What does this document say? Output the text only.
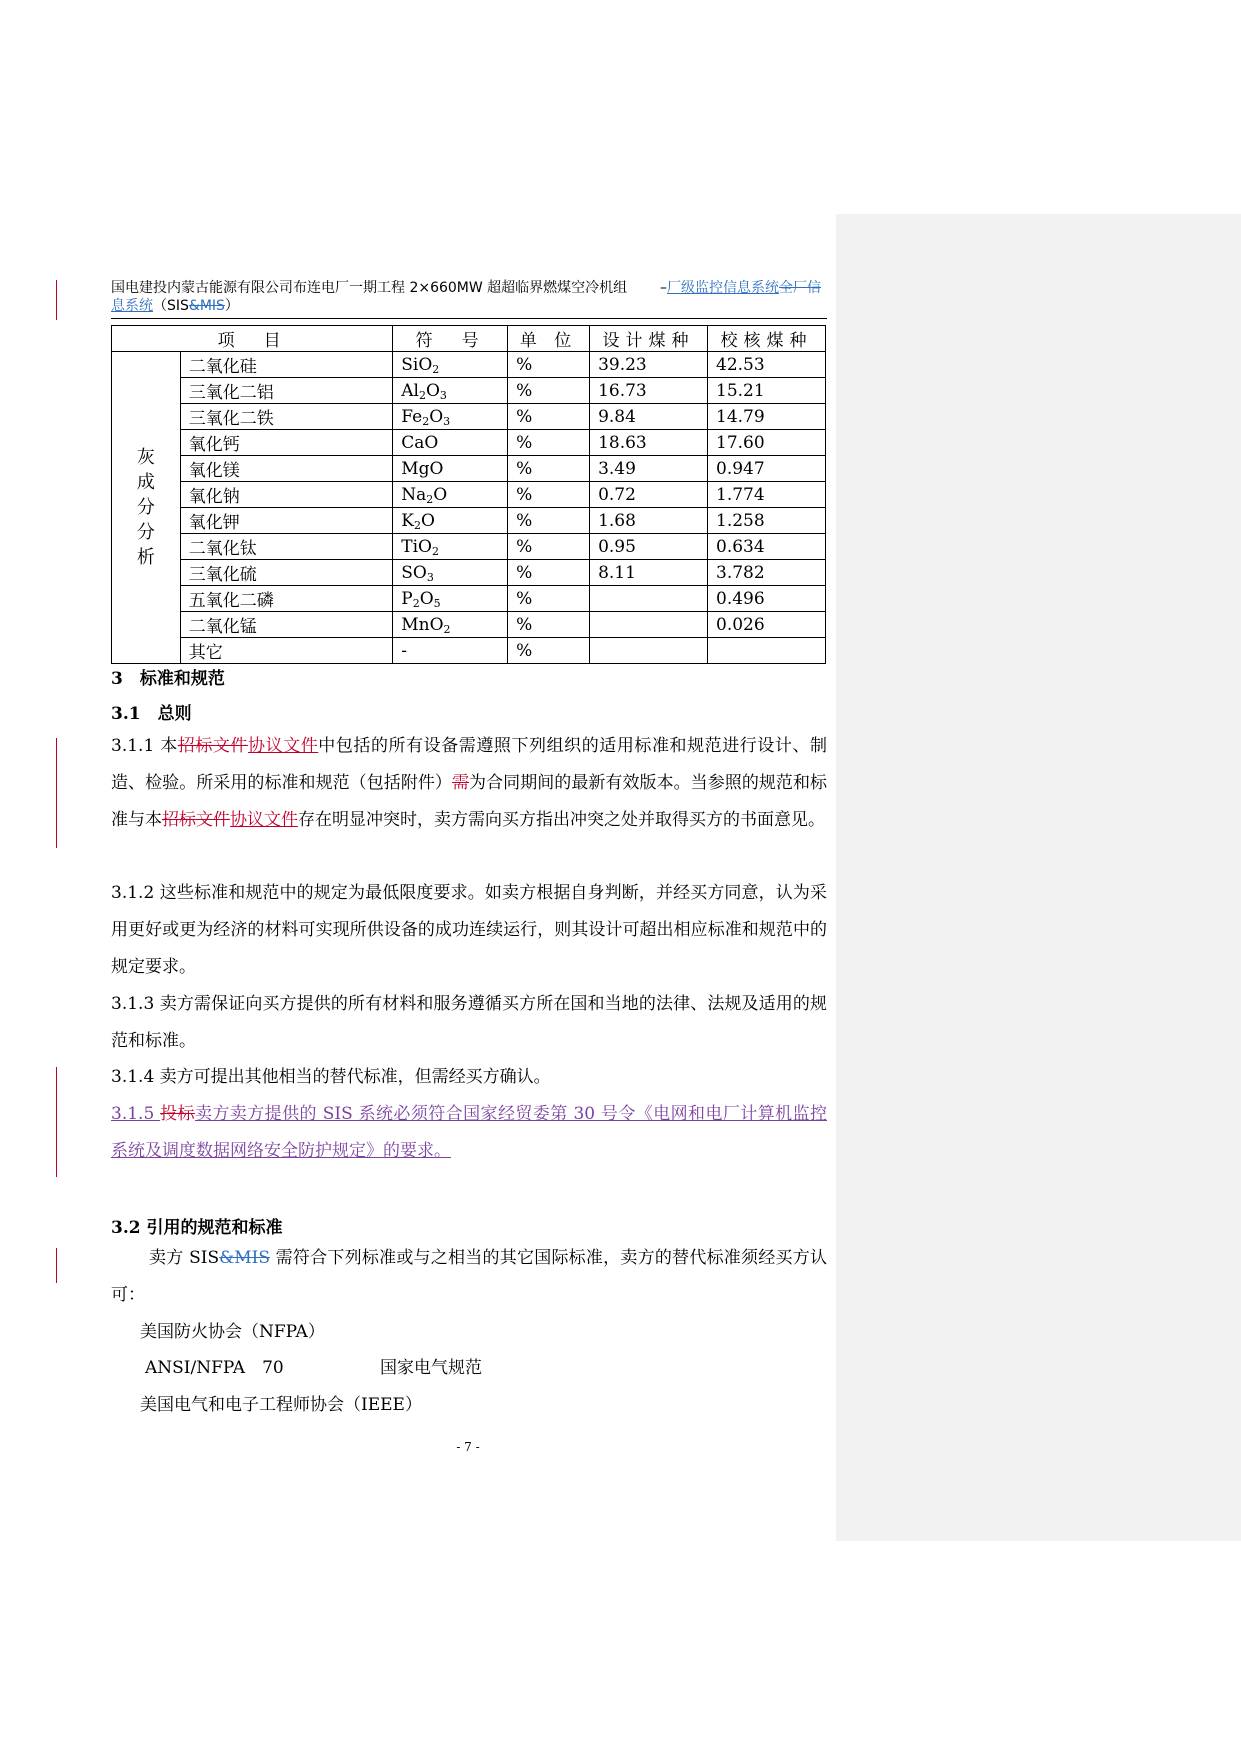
国电建投内蒙古能源有限公司布连电厂一期工程 2×660MW 超超临界燃煤空冷机组	–厂级监控信息系统全厂信
息系统（SIS&MIS）
项　目		符　号	单 位	设计煤种	校核煤种

灰
成
分
分
析	二氧化硅	SiO$_2$	%	39.23	42.53
	三氧化二铝	$Al_2O_3$	%	16.73	15.21
	三氧化二铁	$Fe_2O_3$	%	9.84	14.79
	氧化钙	CaO	%	18.63	17.60
	氧化镁	MgO	%	3.49	0.947
	氧化钠	$Na_2O$	%	0.72	1.774
	氧化钾	$K_2O$	%	1.68	1.258
	二氧化钛	TiO$_2$	%	0.95	0.634
	三氧化硫	$SO_3$	%	8.11	3.782
	五氧化二磷	$P_2O_5$	%		0.496
	二氧化锰	MnO$_2$	%		0.026
	其它	-	%		
3　标准和规范
3.1　总则
3.1.1 本招标文件协议文件中包括的所有设备需遵照下列组织的适用标准和规范进行设计、制造、检验。所采用的标准和规范（包括附件）需为合同期间的最新有效版本。当参照的规范和标准与本招标文件协议文件存在明显冲突时，卖方需向买方指出冲突之处并取得买方的书面意见。
3.1.2 这些标准和规范中的规定为最低限度要求。如卖方根据自身判断，并经买方同意，认为采用更好或更为经济的材料可实现所供设备的成功连续运行，则其设计可超出相应标准和规范中的规定要求。
3.1.3 卖方需保证向买方提供的所有材料和服务遵循买方所在国和当地的法律、法规及适用的规范和标准。
3.1.4 卖方可提出其他相当的替代标准，但需经买方确认。
3.1.5 投标卖方卖方提供的 SIS 系统必须符合国家经贸委第 30 号令《电网和电厂计算机监控系统及调度数据网络安全防护规定》的要求。
3.2 引用的规范和标准
卖方 SIS&MIS 需符合下列标准或与之相当的其它国际标准，卖方的替代标准须经买方认可：
美国防火协会（NFPA）
ANSI/NFPA　70	国家电气规范
美国电气和电子工程师协会（IEEE）
- 7 -
